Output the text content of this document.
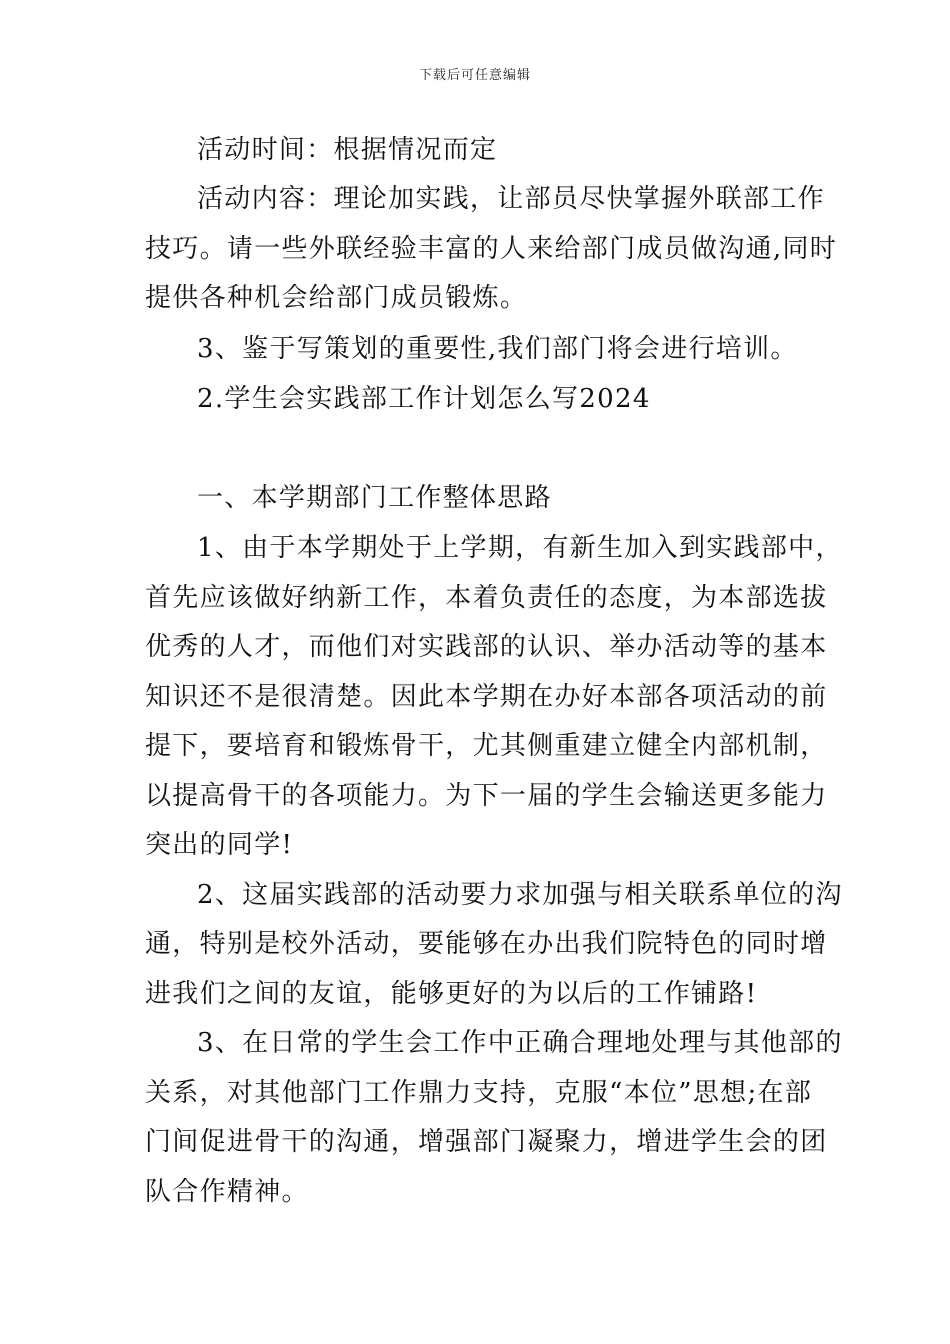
下载后可任意编辑
活动时间：根据情况而定
活动内容：理论加实践，让部员尽快掌握外联部工作
技巧。请一些外联经验丰富的人来给部门成员做沟通,同时
提供各种机会给部门成员锻炼。
3、鉴于写策划的重要性,我们部门将会进行培训。
2.学生会实践部工作计划怎么写2024
一、本学期部门工作整体思路
1、由于本学期处于上学期，有新生加入到实践部中，
首先应该做好纳新工作，本着负责任的态度，为本部选拔
优秀的人才，而他们对实践部的认识、举办活动等的基本
知识还不是很清楚。因此本学期在办好本部各项活动的前
提下，要培育和锻炼骨干，尤其侧重建立健全内部机制，
以提高骨干的各项能力。为下一届的学生会输送更多能力
突出的同学!
2、这届实践部的活动要力求加强与相关联系单位的沟
通，特别是校外活动，要能够在办出我们院特色的同时增
进我们之间的友谊，能够更好的为以后的工作铺路!
3、在日常的学生会工作中正确合理地处理与其他部的
关系，对其他部门工作鼎力支持，克服“本位”思想;在部
门间促进骨干的沟通，增强部门凝聚力，增进学生会的团
队合作精神。
